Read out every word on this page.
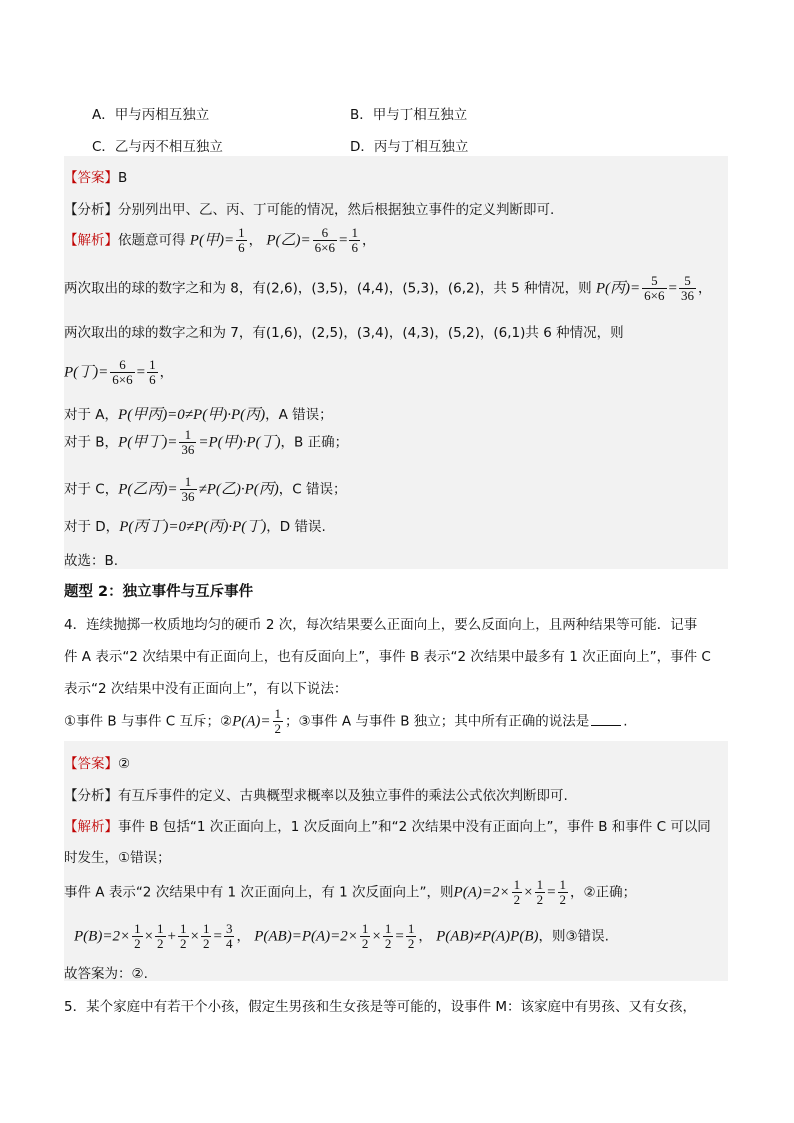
A．甲与丙相互独立	B．甲与丁相互独立
C．乙与丙不相互独立	D．丙与丁相互独立
【答案】B
【分析】分别列出甲、乙、丙、丁可能的情况，然后根据独立事件的定义判断即可.
【解析】依题意可得 P(甲)= $\frac{1}{6}$ ， P(乙)= $\frac{6}{6\times 6} = \frac{1}{6}$ ，
两次取出的球的数字之和为 8，有(2,6)，(3,5)，(4,4)，(5,3)，(6,2)，共 5 种情况，则 P(丙)= $\frac{5}{6\times 6} = \frac{5}{36}$ ，
两次取出的球的数字之和为 7，有(1,6)，(2,5)，(3,4)，(4,3)，(5,2)，(6,1)共 6 种情况，则
P(丁)= $\frac{6}{6\times 6} = \frac{1}{6}$ ，
对于 A，P(甲丙)=0≠P(甲)·P(丙)，A 错误；
对于 B，P(甲丁)= $\frac{1}{36} =P$(甲)·P(丁)，B 正确；
对于 C，P(乙丙)= $\frac{1}{36} \ne P$(乙)·P(丙)，C 错误；
对于 D，P(丙丁)=0≠P(丙)·P(丁)，D 错误.
故选：B.
题型 2：独立事件与互斥事件
4．连续抛掷一枚质地均匀的硬币 2 次，每次结果要么正面向上，要么反面向上，且两种结果等可能．记事
件 A 表示“2 次结果中有正面向上，也有反面向上”，事件 B 表示“2 次结果中最多有 1 次正面向上”，事件 C
表示“2 次结果中没有正面向上”，有以下说法：
①事件 B 与事件 C 互斥；②P(A)= $\frac{1}{2}$ ；③事件 A 与事件 B 独立；其中所有正确的说法是	.
【答案】②
【分析】有互斥事件的定义、古典概型求概率以及独立事件的乘法公式依次判断即可.
【解析】事件 B 包括“1 次正面向上，1 次反面向上”和“2 次结果中没有正面向上”，事件 B 和事件 C 可以同
时发生，①错误；
事件 A 表示“2 次结果中有 1 次正面向上，有 1 次反面向上”，则$P(A)=2\times \frac{1}{2} \times \frac{1}{2} = \frac{1}{2}$ ，②正确；
$P(B)=2\times \frac{1}{2} \times \frac{1}{2} + \frac{1}{2} \times \frac{1}{2} = \frac{3}{4}$ ， $P(AB)=P(A)=2\times \frac{1}{2} \times \frac{1}{2} = \frac{1}{2}$ ， P(AB)≠P(A)P(B)，则③错误.
故答案为：②.
5．某个家庭中有若干个小孩，假定生男孩和生女孩是等可能的，设事件 M：该家庭中有男孩、又有女孩，
